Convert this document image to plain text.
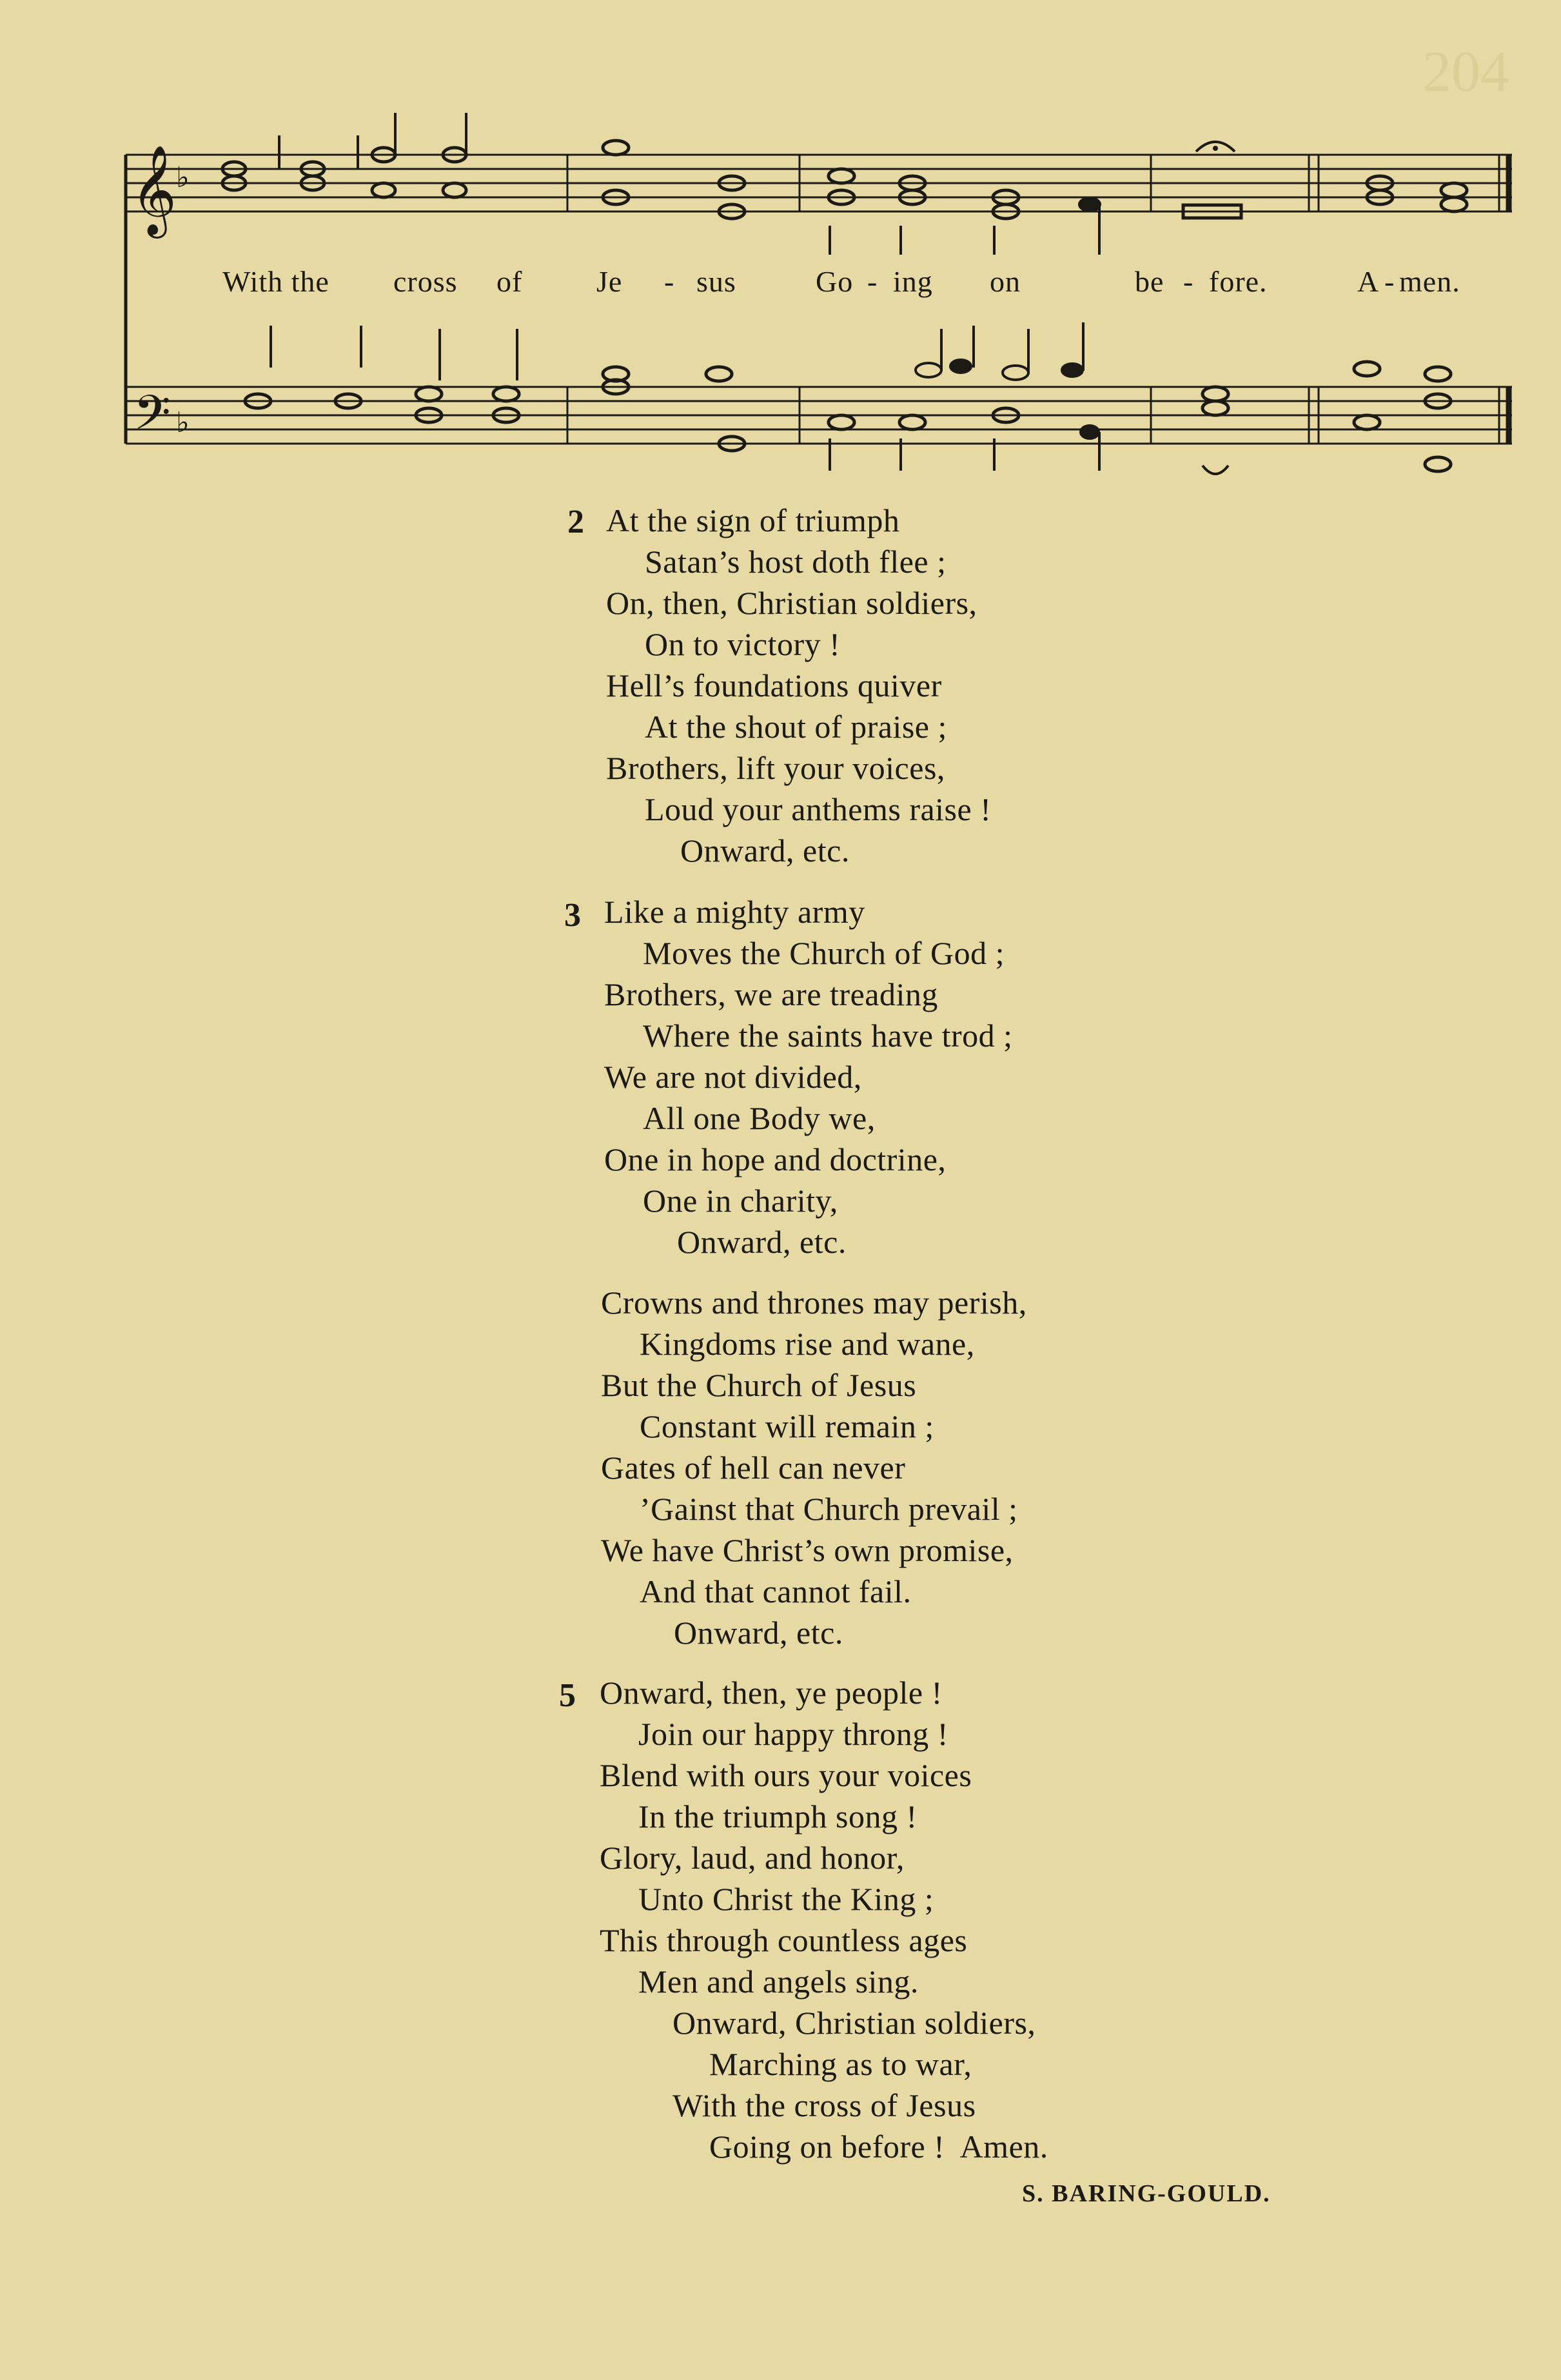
204
𝄞
𝄢
♭
♭
With the cross of Je - sus	Go - ing on	be - fore.	A - men.
2 At the sign of triumph
Satan’s host doth flee ;
On, then, Christian soldiers,
On to victory !
Hell’s foundations quiver
At the shout of praise ;
Brothers, lift your voices,
Loud your anthems raise !
Onward, etc.
3 Like a mighty army
Moves the Church of God ;
Brothers, we are treading
Where the saints have trod ;
We are not divided,
All one Body we,
One in hope and doctrine,
One in charity,
Onward, etc.
Crowns and thrones may perish,
Kingdoms rise and wane,
But the Church of Jesus
Constant will remain ;
Gates of hell can never
’Gainst that Church prevail ;
We have Christ’s own promise,
And that cannot fail.
Onward, etc.
5 Onward, then, ye people !
Join our happy throng !
Blend with ours your voices
In the triumph song !
Glory, laud, and honor,
Unto Christ the King ;
This through countless ages
Men and angels sing.
Onward, Christian soldiers,
Marching as to war,
With the cross of Jesus
Going on before !  Amen.
S. BARING-GOULD.
